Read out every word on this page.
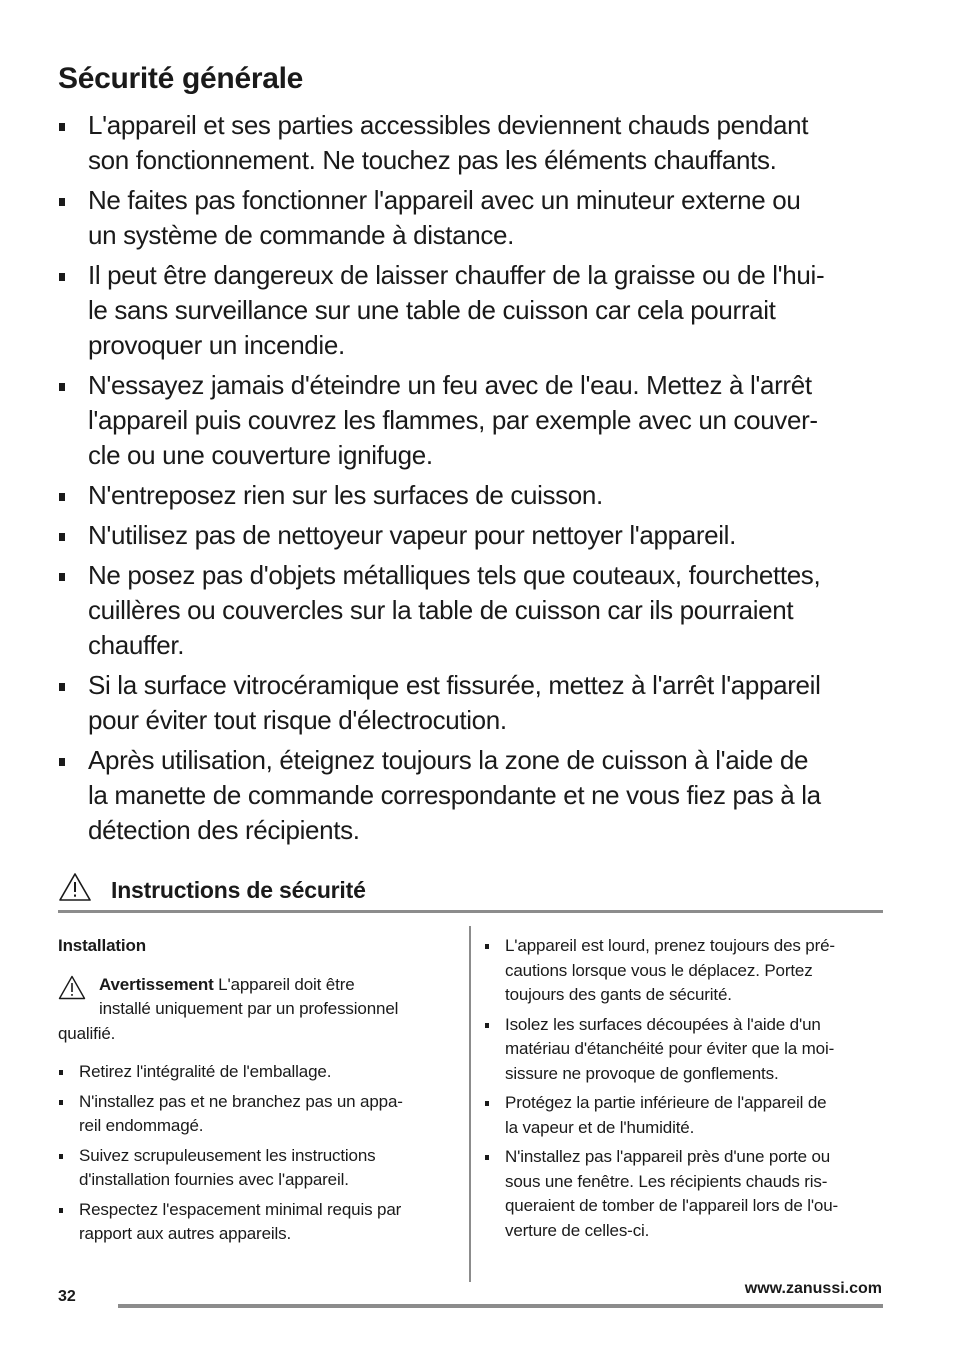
Sécurité générale
L'appareil et ses parties accessibles deviennent chauds pendant
son fonctionnement. Ne touchez pas les éléments chauffants.
Ne faites pas fonctionner l'appareil avec un minuteur externe ou
un système de commande à distance.
Il peut être dangereux de laisser chauffer de la graisse ou de l'hui-
le sans surveillance sur une table de cuisson car cela pourrait
provoquer un incendie.
N'essayez jamais d'éteindre un feu avec de l'eau. Mettez à l'arrêt
l'appareil puis couvrez les flammes, par exemple avec un couver-
cle ou une couverture ignifuge.
N'entreposez rien sur les surfaces de cuisson.
N'utilisez pas de nettoyeur vapeur pour nettoyer l'appareil.
Ne posez pas d'objets métalliques tels que couteaux, fourchettes,
cuillères ou couvercles sur la table de cuisson car ils pourraient
chauffer.
Si la surface vitrocéramique est fissurée, mettez à l'arrêt l'appareil
pour éviter tout risque d'électrocution.
Après utilisation, éteignez toujours la zone de cuisson à l'aide de
la manette de commande correspondante et ne vous fiez pas à la
détection des récipients.
Instructions de sécurité
Installation
Avertissement L'appareil doit être
installé uniquement par un professionnel

qualifié.
Retirez l'intégralité de l'emballage.
N'installez pas et ne branchez pas un appa-
reil endommagé.
Suivez scrupuleusement les instructions
d'installation fournies avec l'appareil.
Respectez l'espacement minimal requis par
rapport aux autres appareils.
L'appareil est lourd, prenez toujours des pré-
cautions lorsque vous le déplacez. Portez
toujours des gants de sécurité.
Isolez les surfaces découpées à l'aide d'un
matériau d'étanchéité pour éviter que la moi-
sissure ne provoque de gonflements.
Protégez la partie inférieure de l'appareil de
la vapeur et de l'humidité.
N'installez pas l'appareil près d'une porte ou
sous une fenêtre. Les récipients chauds ris-
queraient de tomber de l'appareil lors de l'ou-
verture de celles-ci.
32	www.zanussi.com
